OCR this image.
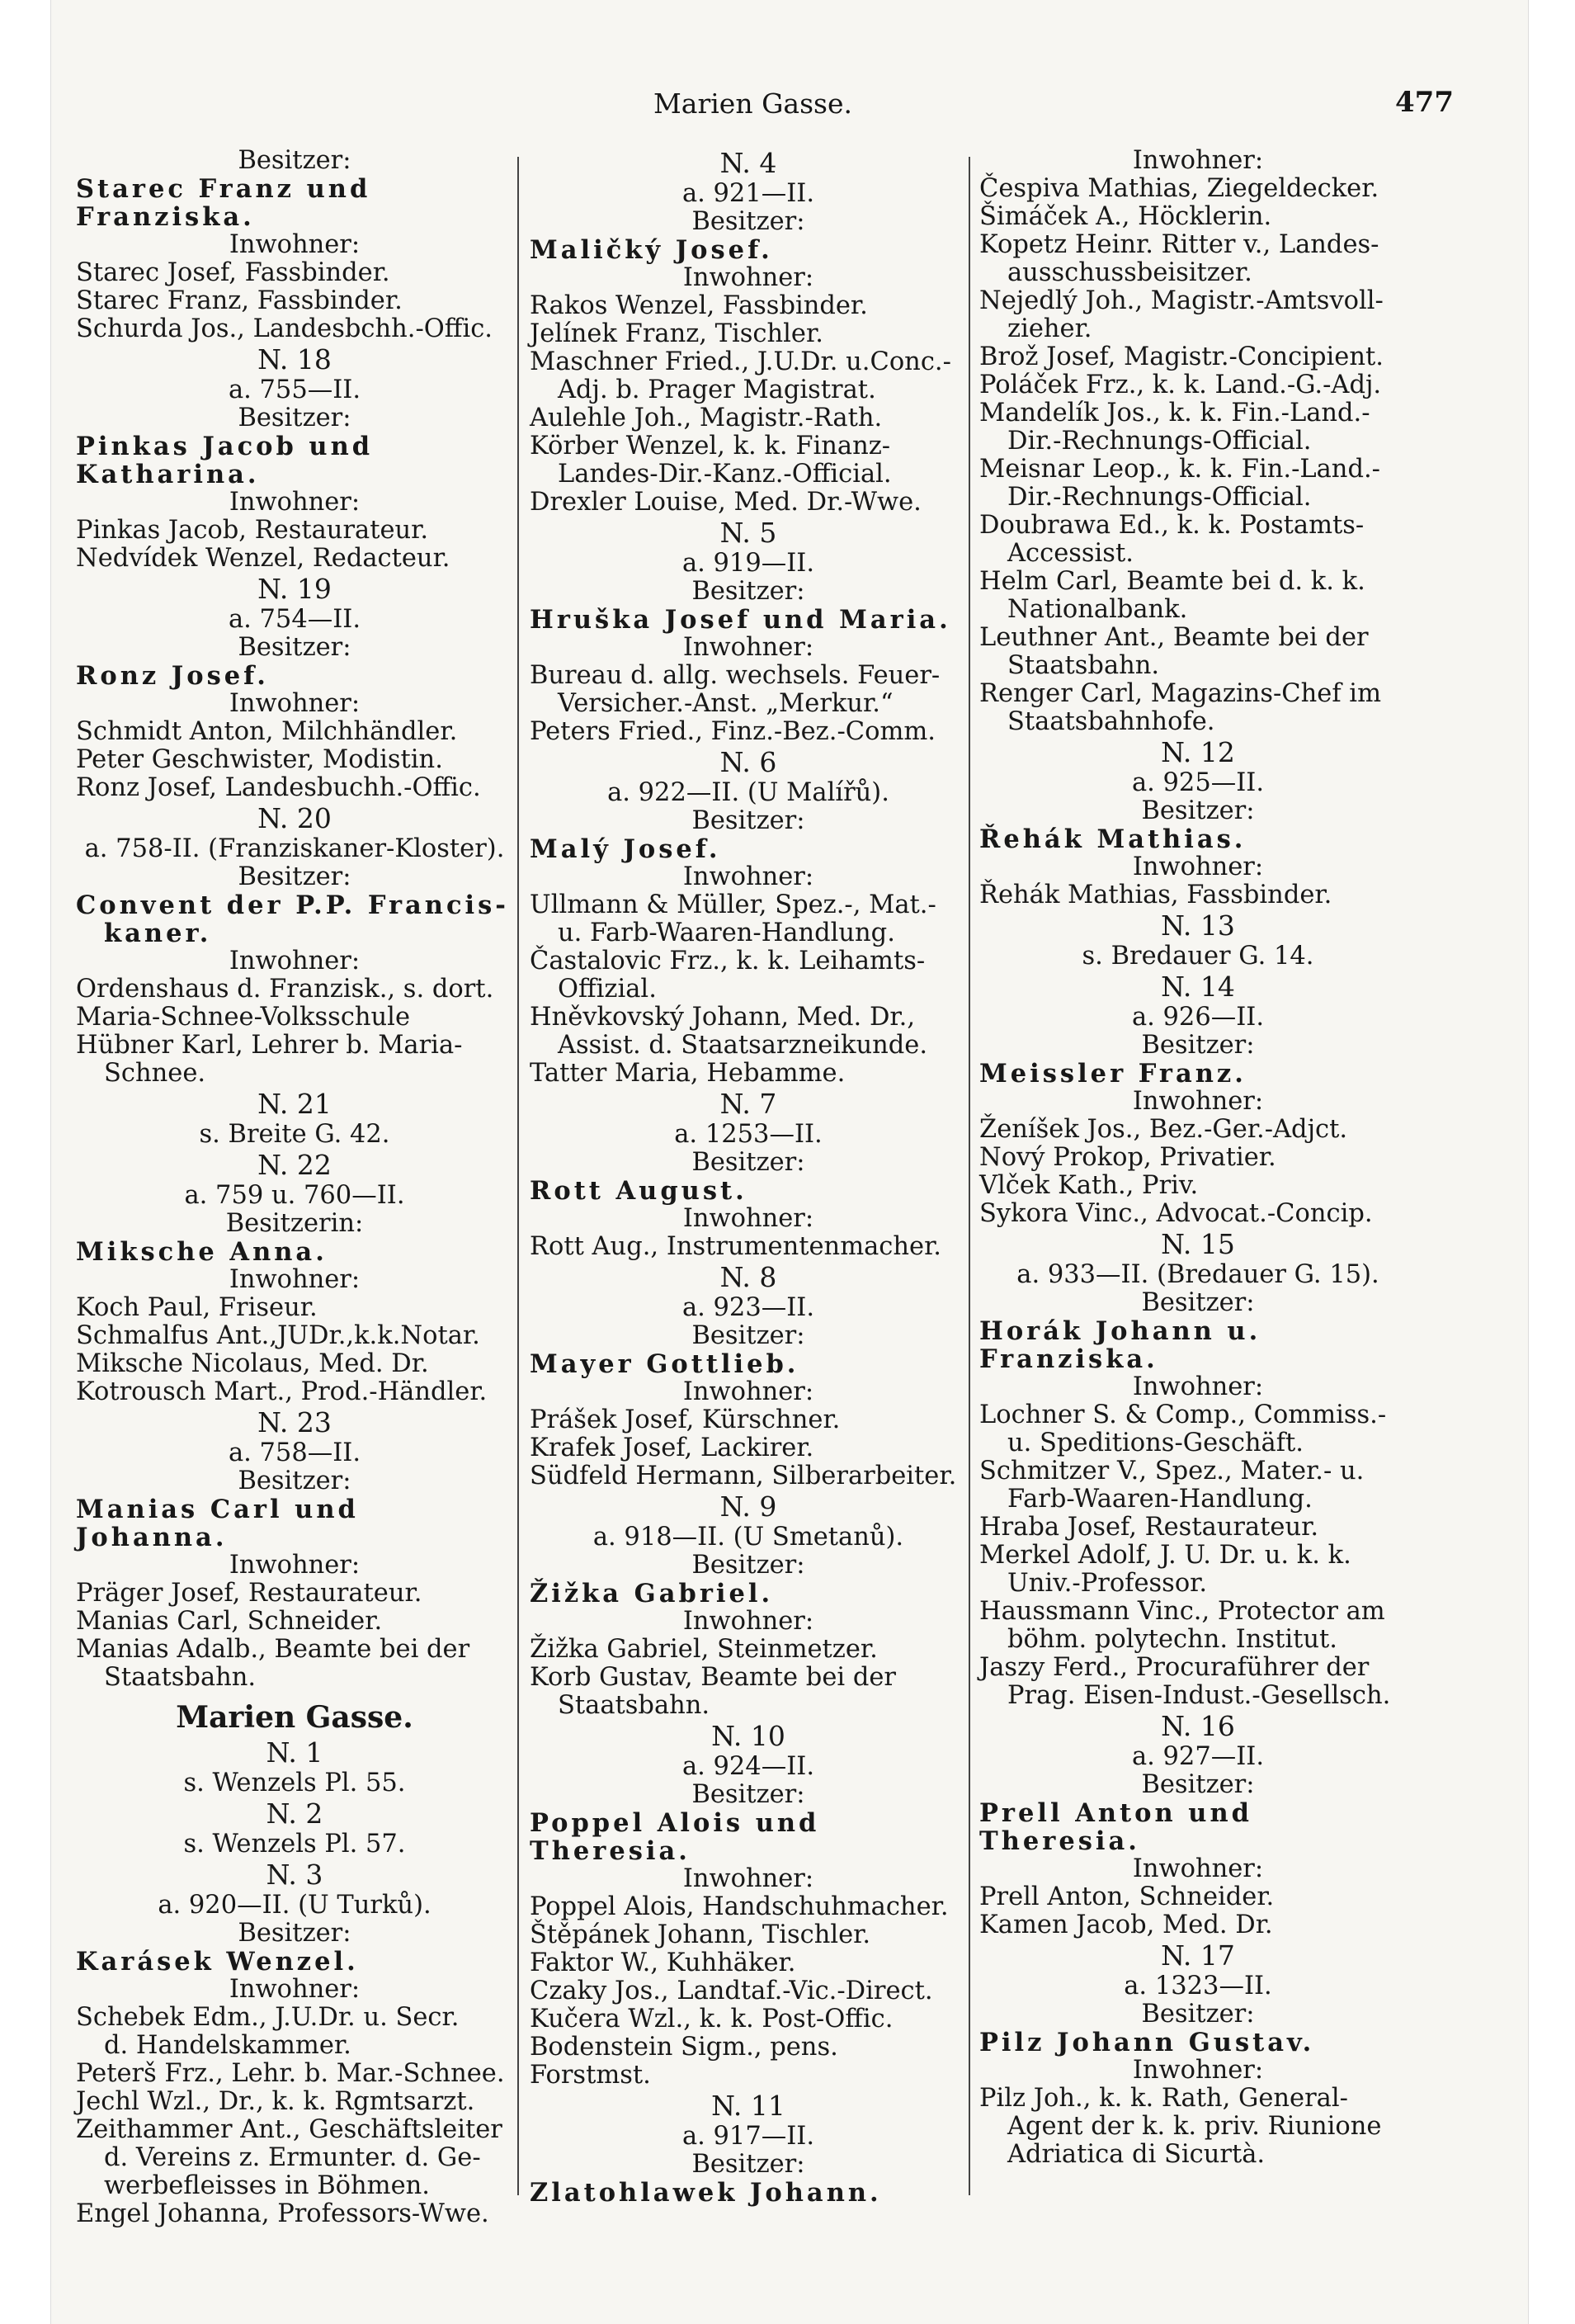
Marien Gasse.	477

Besitzer:

Starec Franz und Franziska.

Inwohner:

Starec Josef, Fassbinder.

Starec Franz, Fassbinder.

Schurda Jos., Landesbchh.-Offic.

N. 18

a. 755—II.

Besitzer:

Pinkas Jacob und Katharina.

Inwohner:

Pinkas Jacob, Restaurateur.

Nedvídek Wenzel, Redacteur.

N. 19

a. 754—II.

Besitzer:

Ronz Josef.

Inwohner:

Schmidt Anton, Milchhändler.

Peter Geschwister, Modistin.

Ronz Josef, Landesbuchh.-Offic.

N. 20

a. 758-II. (Franziskaner-Kloster).

Besitzer:

Convent der P.P. Francis-

kaner.

Inwohner:

Ordenshaus d. Franzisk., s. dort.

Maria-Schnee-Volksschule

Hübner Karl, Lehrer b. Maria-

Schnee.

N. 21

s. Breite G. 42.

N. 22

a. 759 u. 760—II.

Besitzerin:

Miksche Anna.

Inwohner:

Koch Paul, Friseur.

Schmalfus Ant.,JUDr.,k.k.Notar.

Miksche Nicolaus, Med. Dr.

Kotrousch Mart., Prod.-Händler.

N. 23

a. 758—II.

Besitzer:

Manias Carl und Johanna.

Inwohner:

Präger Josef, Restaurateur.

Manias Carl, Schneider.

Manias Adalb., Beamte bei der

Staatsbahn.

Marien Gasse.

N. 1

s. Wenzels Pl. 55.

N. 2

s. Wenzels Pl. 57.

N. 3

a. 920—II. (U Turků).

Besitzer:

Karásek Wenzel.

Inwohner:

Schebek Edm., J.U.Dr. u. Secr.

d. Handelskammer.

Peterš Frz., Lehr. b. Mar.-Schnee.

Jechl Wzl., Dr., k. k. Rgmtsarzt.

Zeithammer Ant., Geschäftsleiter

d. Vereins z. Ermunter. d. Ge-

werbefleisses in Böhmen.

Engel Johanna, Professors-Wwe.

N. 4

a. 921—II.

Besitzer:

Maličký Josef.

Inwohner:

Rakos Wenzel, Fassbinder.

Jelínek Franz, Tischler.

Maschner Fried., J.U.Dr. u.Conc.-

Adj. b. Prager Magistrat.

Aulehle Joh., Magistr.-Rath.

Körber Wenzel, k. k. Finanz-

Landes-Dir.-Kanz.-Official.

Drexler Louise, Med. Dr.-Wwe.

N. 5

a. 919—II.

Besitzer:

Hruška Josef und Maria.

Inwohner:

Bureau d. allg. wechsels. Feuer-

Versicher.-Anst. „Merkur.“

Peters Fried., Finz.-Bez.-Comm.

N. 6

a. 922—II. (U Malířů).

Besitzer:

Malý Josef.

Inwohner:

Ullmann & Müller, Spez.-, Mat.-

u. Farb-Waaren-Handlung.

Častalovic Frz., k. k. Leihamts-

Offizial.

Hněvkovský Johann, Med. Dr.,

Assist. d. Staatsarzneikunde.

Tatter Maria, Hebamme.

N. 7

a. 1253—II.

Besitzer:

Rott August.

Inwohner:

Rott Aug., Instrumentenmacher.

N. 8

a. 923—II.

Besitzer:

Mayer Gottlieb.

Inwohner:

Prášek Josef, Kürschner.

Krafek Josef, Lackirer.

Südfeld Hermann, Silberarbeiter.

N. 9

a. 918—II. (U Smetanů).

Besitzer:

Žižka Gabriel.

Inwohner:

Žižka Gabriel, Steinmetzer.

Korb Gustav, Beamte bei der

Staatsbahn.

N. 10

a. 924—II.

Besitzer:

Poppel Alois und Theresia.

Inwohner:

Poppel Alois, Handschuhmacher.

Štěpánek Johann, Tischler.

Faktor W., Kuhhäker.

Czaky Jos., Landtaf.-Vic.-Direct.

Kučera Wzl., k. k. Post-Offic.

Bodenstein Sigm., pens. Forstmst.

N. 11

a. 917—II.

Besitzer:

Zlatohlawek Johann.

Inwohner:

Čespiva Mathias, Ziegeldecker.

Šimáček A., Höcklerin.

Kopetz Heinr. Ritter v., Landes-

ausschussbeisitzer.

Nejedlý Joh., Magistr.-Amtsvoll-

zieher.

Brož Josef, Magistr.-Concipient.

Poláček Frz., k. k. Land.-G.-Adj.

Mandelík Jos., k. k. Fin.-Land.-

Dir.-Rechnungs-Official.

Meisnar Leop., k. k. Fin.-Land.-

Dir.-Rechnungs-Official.

Doubrawa Ed., k. k. Postamts-

Accessist.

Helm Carl, Beamte bei d. k. k.

Nationalbank.

Leuthner Ant., Beamte bei der

Staatsbahn.

Renger Carl, Magazins-Chef im

Staatsbahnhofe.

N. 12

a. 925—II.

Besitzer:

Řehák Mathias.

Inwohner:

Řehák Mathias, Fassbinder.

N. 13

s. Bredauer G. 14.

N. 14

a. 926—II.

Besitzer:

Meissler Franz.

Inwohner:

Ženíšek Jos., Bez.-Ger.-Adjct.

Nový Prokop, Privatier.

Vlček Kath., Priv.

Sykora Vinc., Advocat.-Concip.

N. 15

a. 933—II. (Bredauer G. 15).

Besitzer:

Horák Johann u. Franziska.

Inwohner:

Lochner S. & Comp., Commiss.-

u. Speditions-Geschäft.

Schmitzer V., Spez., Mater.- u.

Farb-Waaren-Handlung.

Hraba Josef, Restaurateur.

Merkel Adolf, J. U. Dr. u. k. k.

Univ.-Professor.

Haussmann Vinc., Protector am

böhm. polytechn. Institut.

Jaszy Ferd., Procuraführer der

Prag. Eisen-Indust.-Gesellsch.

N. 16

a. 927—II.

Besitzer:

Prell Anton und Theresia.

Inwohner:

Prell Anton, Schneider.

Kamen Jacob, Med. Dr.

N. 17

a. 1323—II.

Besitzer:

Pilz Johann Gustav.

Inwohner:

Pilz Joh., k. k. Rath, General-

Agent der k. k. priv. Riunione

Adriatica di Sicurtà.
